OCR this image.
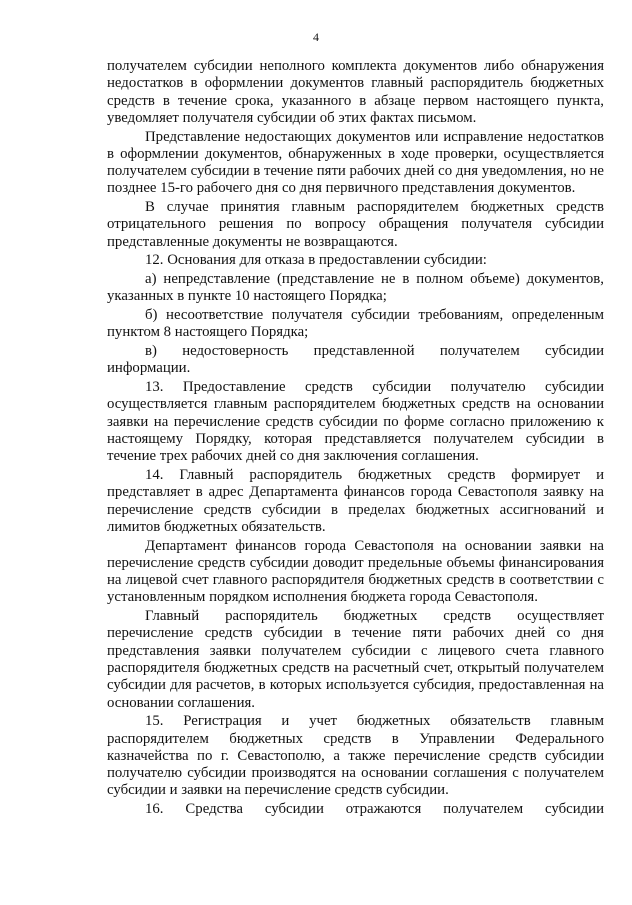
4

получателем субсидии неполного комплекта документов либо обнаружения недостатков в оформлении документов главный распорядитель бюджетных средств в течение срока, указанного в абзаце первом настоящего пункта, уведомляет получателя субсидии об этих фактах письмом.

Представление недостающих документов или исправление недостатков в оформлении документов, обнаруженных в ходе проверки, осуществляется получателем субсидии в течение пяти рабочих дней со дня уведомления, но не позднее 15-го рабочего дня со дня первичного представления документов.

В случае принятия главным распорядителем бюджетных средств отрицательного решения по вопросу обращения получателя субсидии представленные документы не возвращаются.

12. Основания для отказа в предоставлении субсидии:

а) непредставление (представление не в полном объеме) документов, указанных в пункте 10 настоящего Порядка;

б) несоответствие получателя субсидии требованиям, определенным пунктом 8 настоящего Порядка;

в) недостоверность представленной получателем субсидии информации.

13. Предоставление средств субсидии получателю субсидии осуществляется главным распорядителем бюджетных средств на основании заявки на перечисление средств субсидии по форме согласно приложению к настоящему Порядку, которая представляется получателем субсидии в течение трех рабочих дней со дня заключения соглашения.

14. Главный распорядитель бюджетных средств формирует и представляет в адрес Департамента финансов города Севастополя заявку на перечисление средств субсидии в пределах бюджетных ассигнований и лимитов бюджетных обязательств.

Департамент финансов города Севастополя на основании заявки на перечисление средств субсидии доводит предельные объемы финансирования на лицевой счет главного распорядителя бюджетных средств в соответствии с установленным порядком исполнения бюджета города Севастополя.

Главный распорядитель бюджетных средств осуществляет перечисление средств субсидии в течение пяти рабочих дней со дня представления заявки получателем субсидии с лицевого счета главного распорядителя бюджетных средств на расчетный счет, открытый получателем субсидии для расчетов, в которых используется субсидия, предоставленная на основании соглашения.

15. Регистрация и учет бюджетных обязательств главным распорядителем бюджетных средств в Управлении Федерального казначейства по г. Севастополю, а также перечисление средств субсидии получателю субсидии производятся на основании соглашения с получателем субсидии и заявки на перечисление средств субсидии.

16. Средства субсидии отражаются получателем субсидии
